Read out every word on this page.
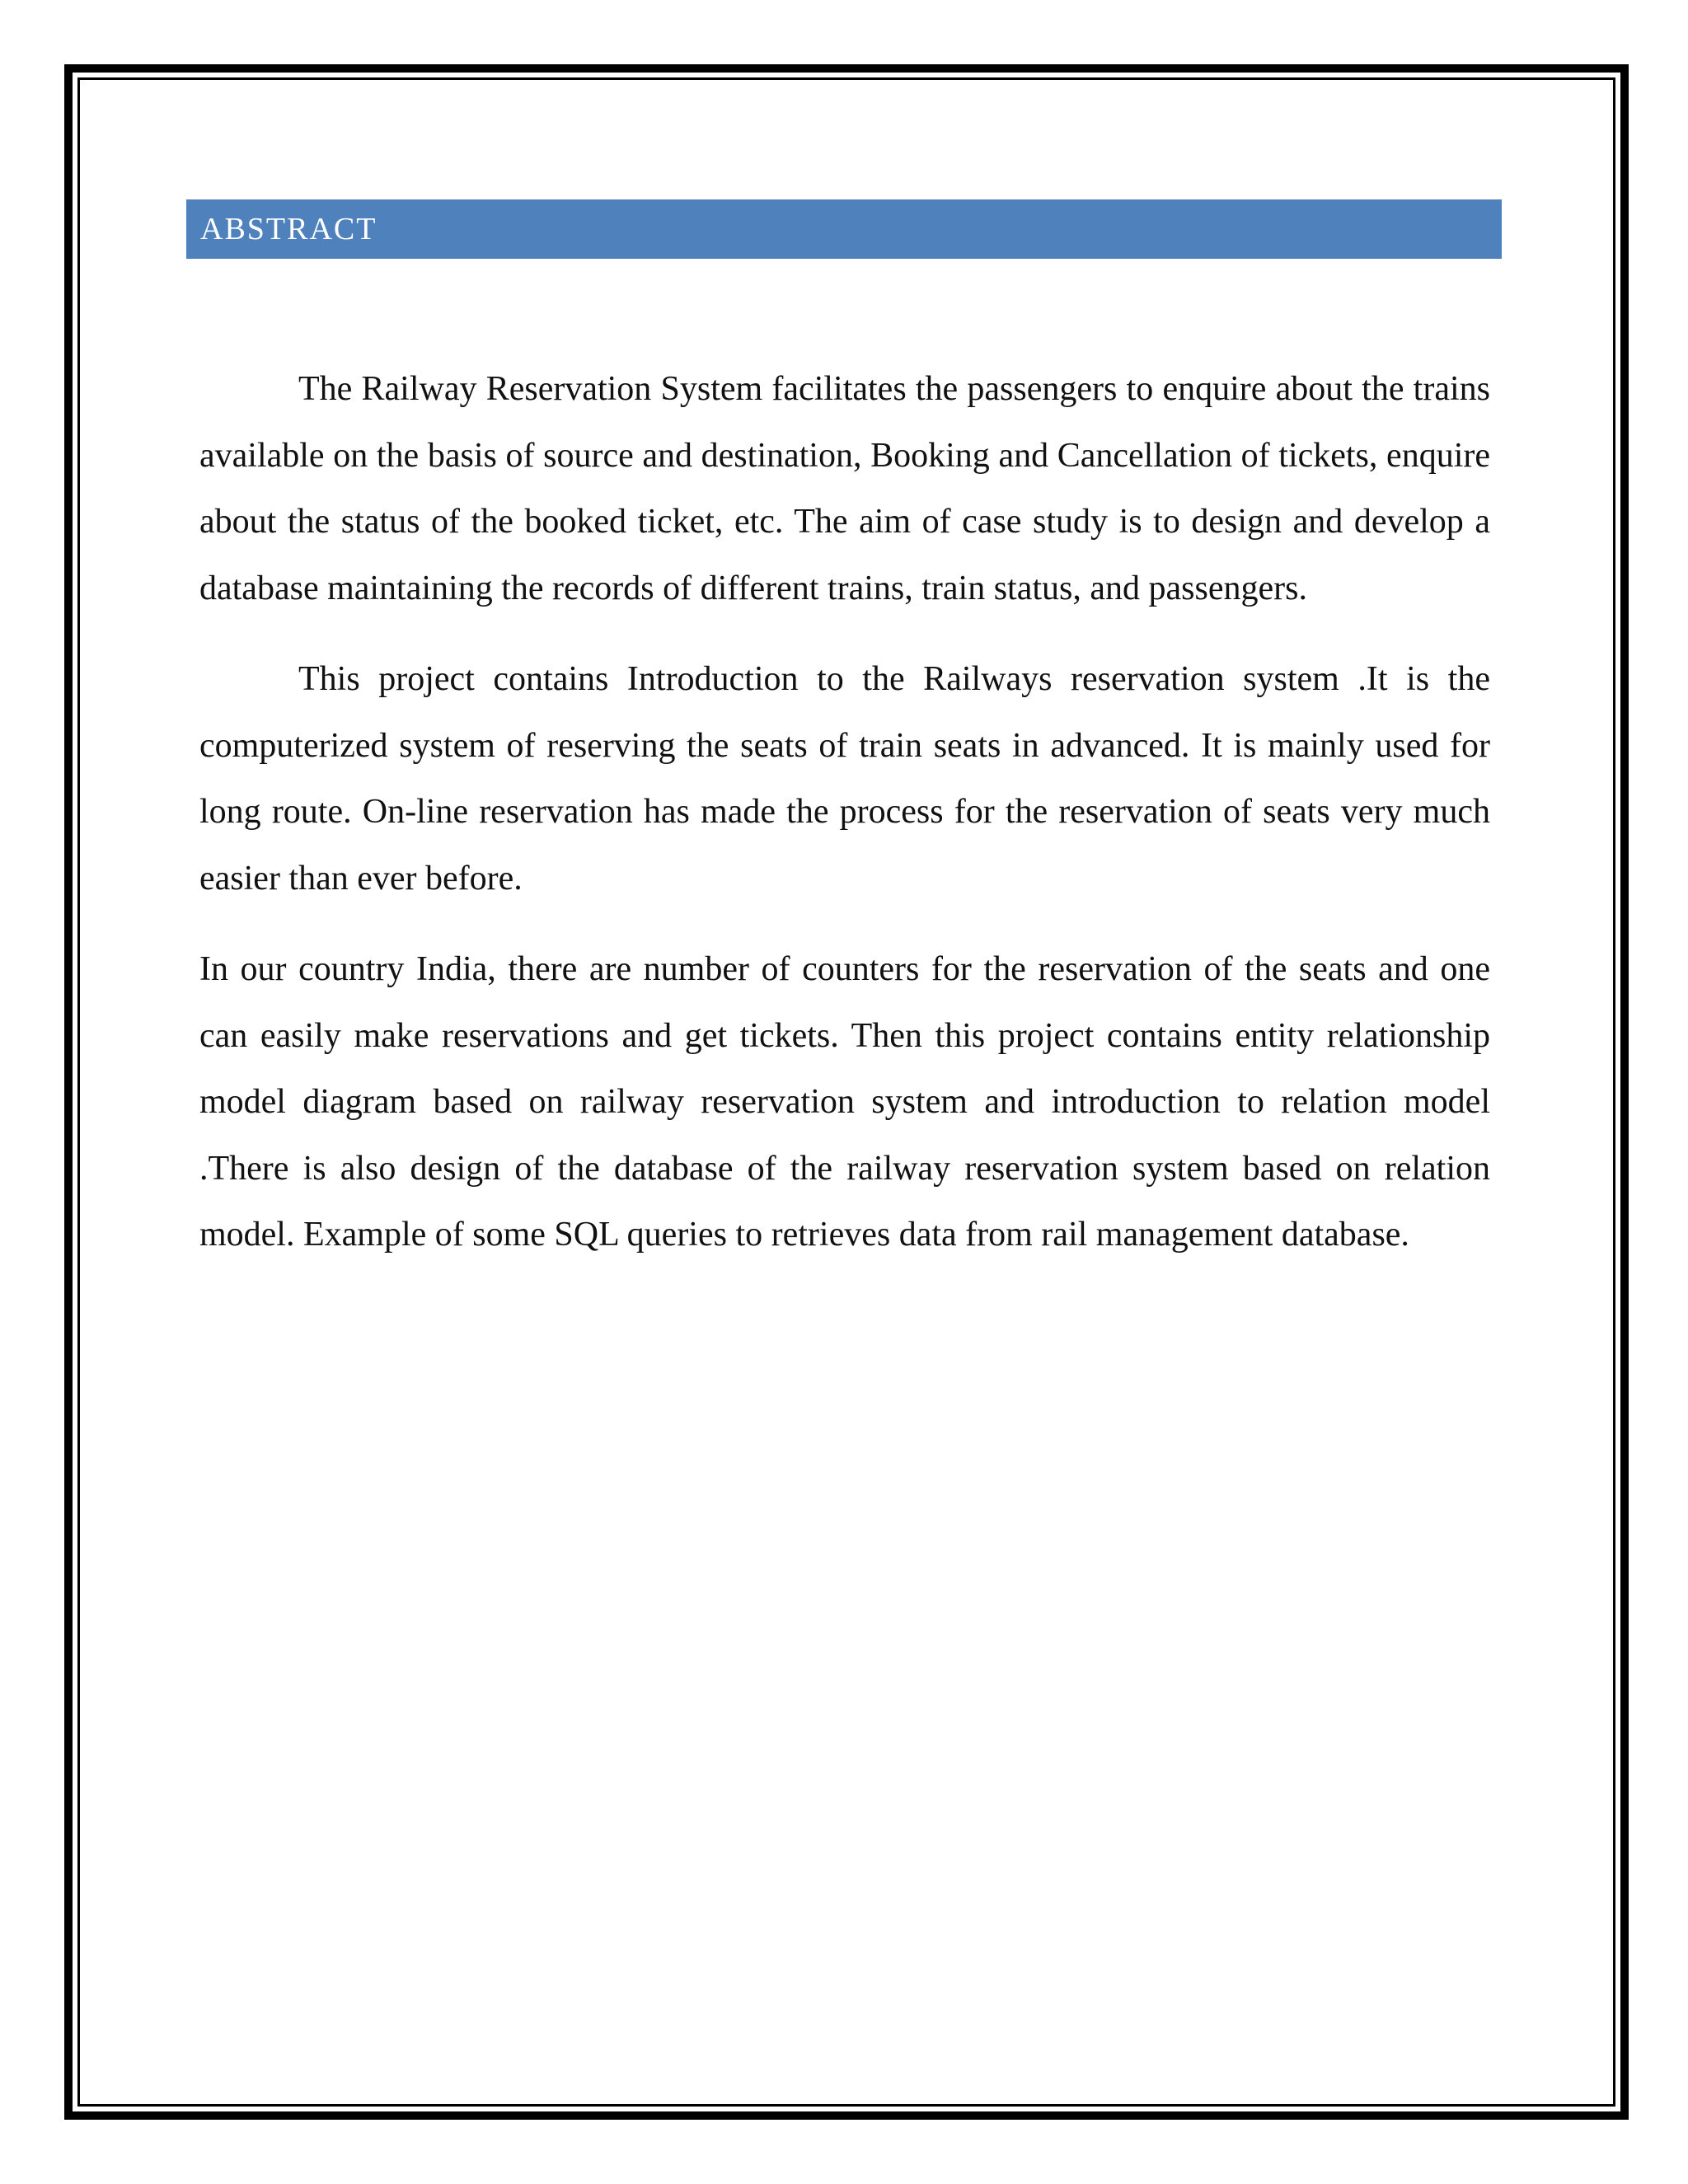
ABSTRACT

The Railway Reservation System facilitates the passengers to enquire about the trains available on the basis of source and destination, Booking and Cancellation of tickets, enquire about the status of the booked ticket, etc. The aim of case study is to design and develop a database maintaining the records of different trains, train status, and passengers.

This project contains Introduction to the Railways reservation system .It is the computerized system of reserving the seats of train seats in advanced. It is mainly used for long route. On-line reservation has made the process for the reservation of seats very much easier than ever before.

In our country India, there are number of counters for the reservation of the seats and one can easily make reservations and get tickets. Then this project contains entity relationship model diagram based on railway reservation system and introduction to relation model .There is also design of the database of the railway reservation system based on relation model. Example of some SQL queries to retrieves data from rail management database.
